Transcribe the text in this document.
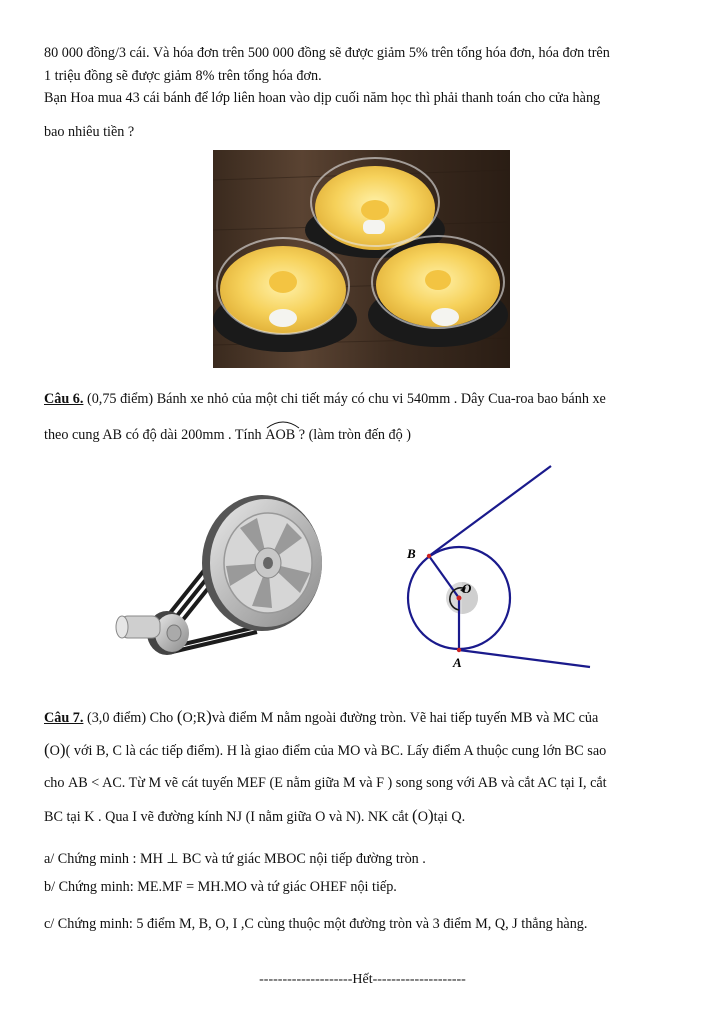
80 000 đồng/3 cái. Và hóa đơn trên 500 000 đồng sẽ được giảm 5% trên tổng hóa đơn, hóa đơn trên
1 triệu đồng sẽ được giảm 8% trên tổng hóa đơn.
Bạn Hoa mua 43 cái bánh để lớp liên hoan vào dịp cuối năm học thì phải thanh toán cho cửa hàng
bao nhiêu tiền ?
Câu 6. (0,75 điểm) Bánh xe nhỏ của một chi tiết máy có chu vi 540mm . Dây Cua-roa bao bánh xe
theo cung AB có độ dài 200mm . Tính
AOB ? (làm tròn đến độ )
B
O
A
Câu 7. (3,0 điểm) Cho (O;R)và điểm M nằm ngoài đường tròn. Vẽ hai tiếp tuyến MB và MC của
(O)( với B, C là các tiếp điểm). H là giao điểm của MO và BC. Lấy điểm A thuộc cung lớn BC sao
cho AB < AC. Từ M vẽ cát tuyến MEF (E nằm giữa M và F ) song song với AB và cắt AC tại I, cắt
BC tại K . Qua I vẽ đường kính NJ (I nằm giữa O và N). NK cắt (O)tại Q.
a/ Chứng minh : MH ⊥ BC và tứ giác MBOC nội tiếp đường tròn .
b/ Chứng minh: ME.MF = MH.MO và tứ giác OHEF nội tiếp.
c/ Chứng minh: 5 điểm M, B, O, I ,C cùng thuộc một đường tròn và 3 điểm M, Q, J thẳng hàng.
--------------------Hết--------------------
